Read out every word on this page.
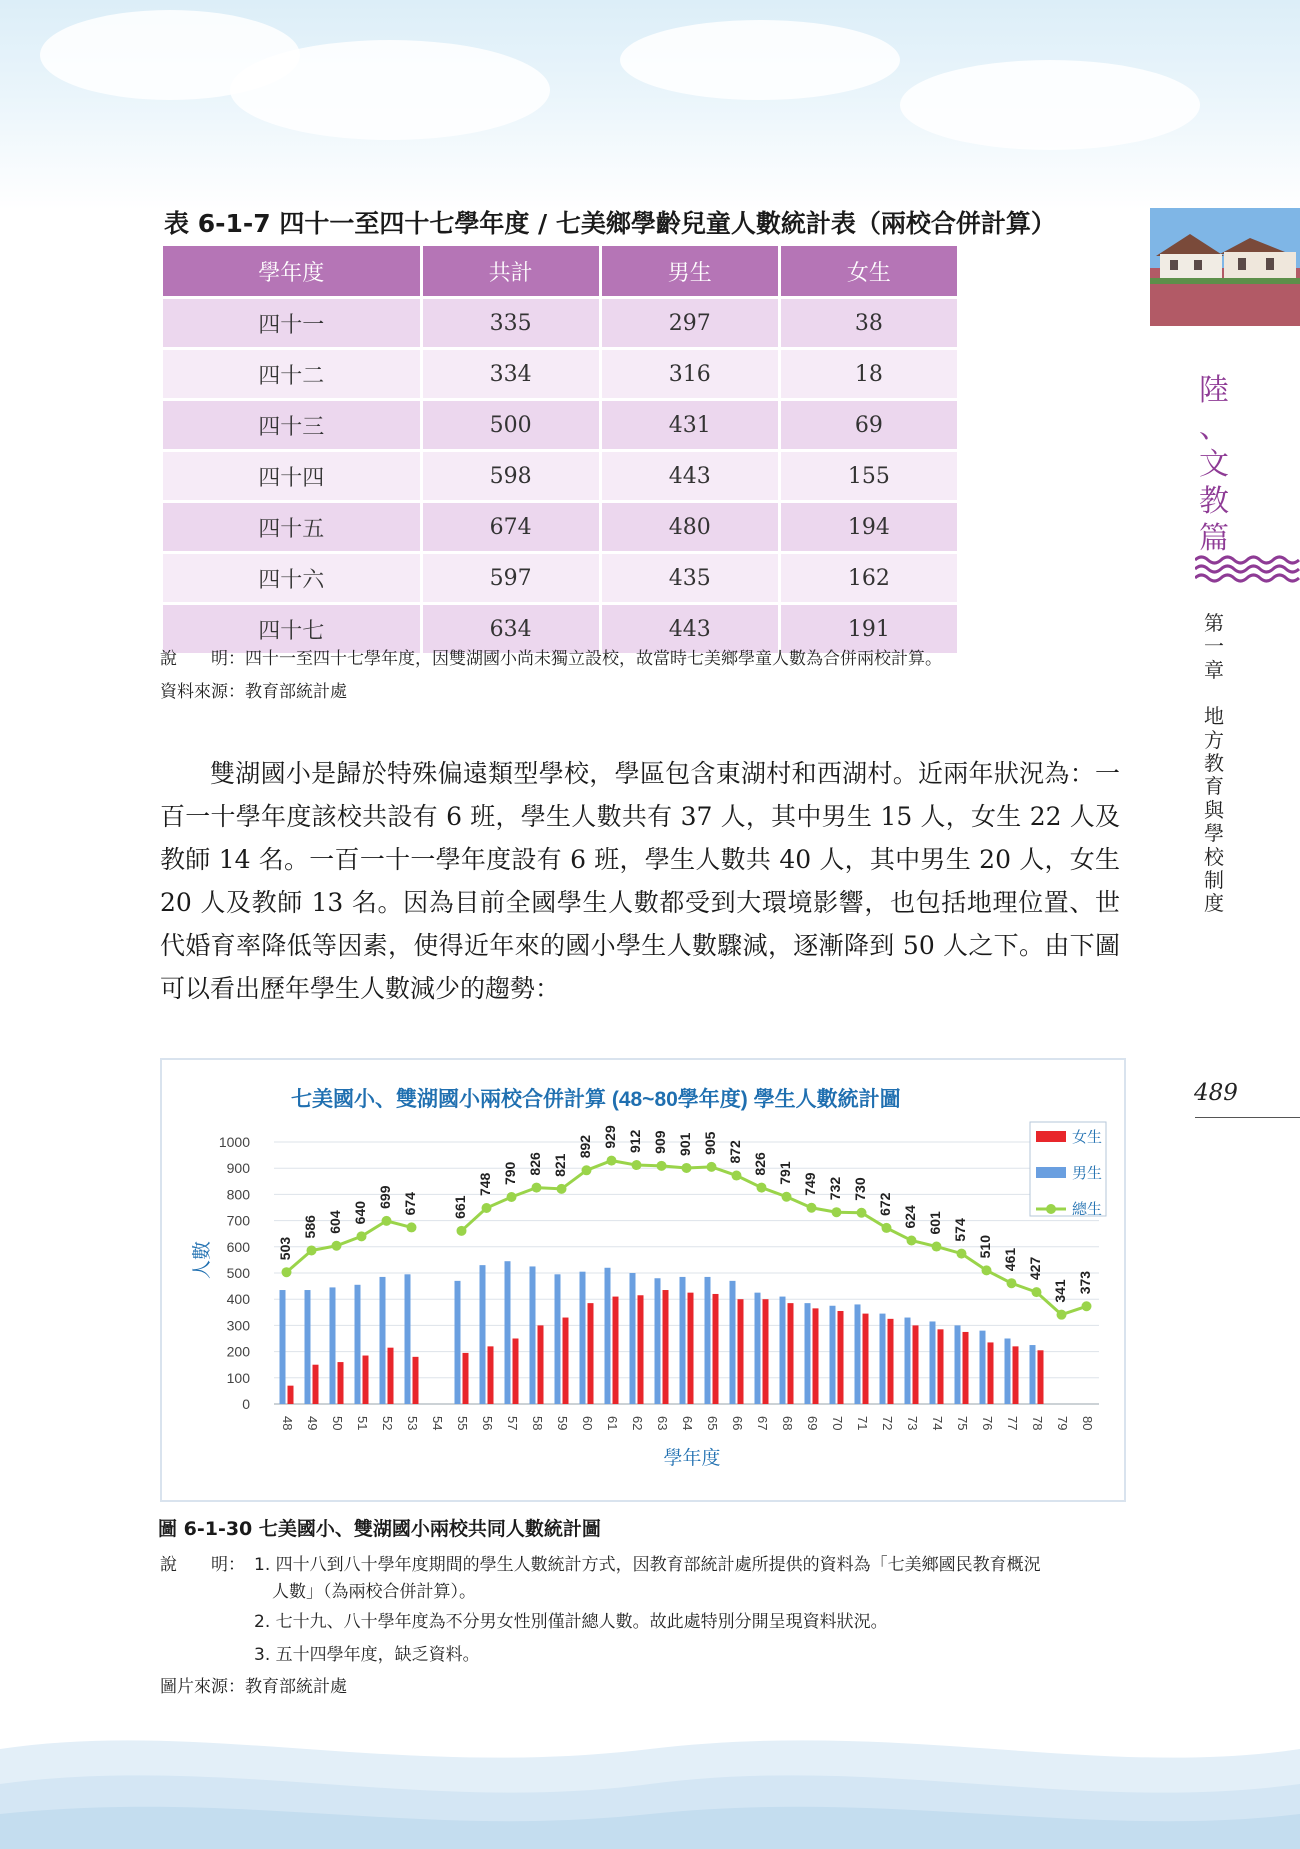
陸
、
文
教
篇
第
一
章
地
方
教
育
與
學
校
制
度
489
表 6-1-7 四十一至四十七學年度 / 七美鄉學齡兒童人數統計表（兩校合併計算）
學年度	共計	男生	女生
四十一	335	297	38
四十二	334	316	18
四十三	500	431	69
四十四	598	443	155
四十五	674	480	194
四十六	597	435	162
四十七	634	443	191
說　　明：四十一至四十七學年度，因雙湖國小尚未獨立設校，故當時七美鄉學童人數為合併兩校計算。
資料來源：教育部統計處

雙湖國小是歸於特殊偏遠類型學校，學區包含東湖村和西湖村。近兩年狀況為：一百一十學年度該校共設有 6 班，學生人數共有 37 人，其中男生 15 人，女生 22 人及教師 14 名。一百一十一學年度設有 6 班，學生人數共 40 人，其中男生 20 人，女生 20 人及教師 13 名。因為目前全國學生人數都受到大環境影響，也包括地理位置、世代婚育率降低等因素，使得近年來的國小學生人數驟減，逐漸降到 50 人之下。由下圖可以看出歷年學生人數減少的趨勢：

七美國小、雙湖國小兩校合併計算 (48~80學年度) 學生人數統計圖
人數
學年度
0
100
200
300
400
500
600
700
800
900
1000
48 49 50 51 52 53 54 55 56 57 58 59 60 61 62 63 64 65 66 67 68 69 70 71 72 73 74 75 76 77 78 79 80
503
586 604 640
699 674 661
748 790 826 821
892 929 912 909 901 905 872
826 791 749 732 730
672
624 601 574
510
461 427
341 373
女生
男生
總生
圖 6-1-30 七美國小、雙湖國小兩校共同人數統計圖
說　　明： 1. 四十八到八十學年度期間的學生人數統計方式，因教育部統計處所提供的資料為「七美鄉國民教育概況
人數」（為兩校合併計算）。
2. 七十九、八十學年度為不分男女性別僅計總人數。故此處特別分開呈現資料狀況。
3. 五十四學年度，缺乏資料。
圖片來源：教育部統計處
